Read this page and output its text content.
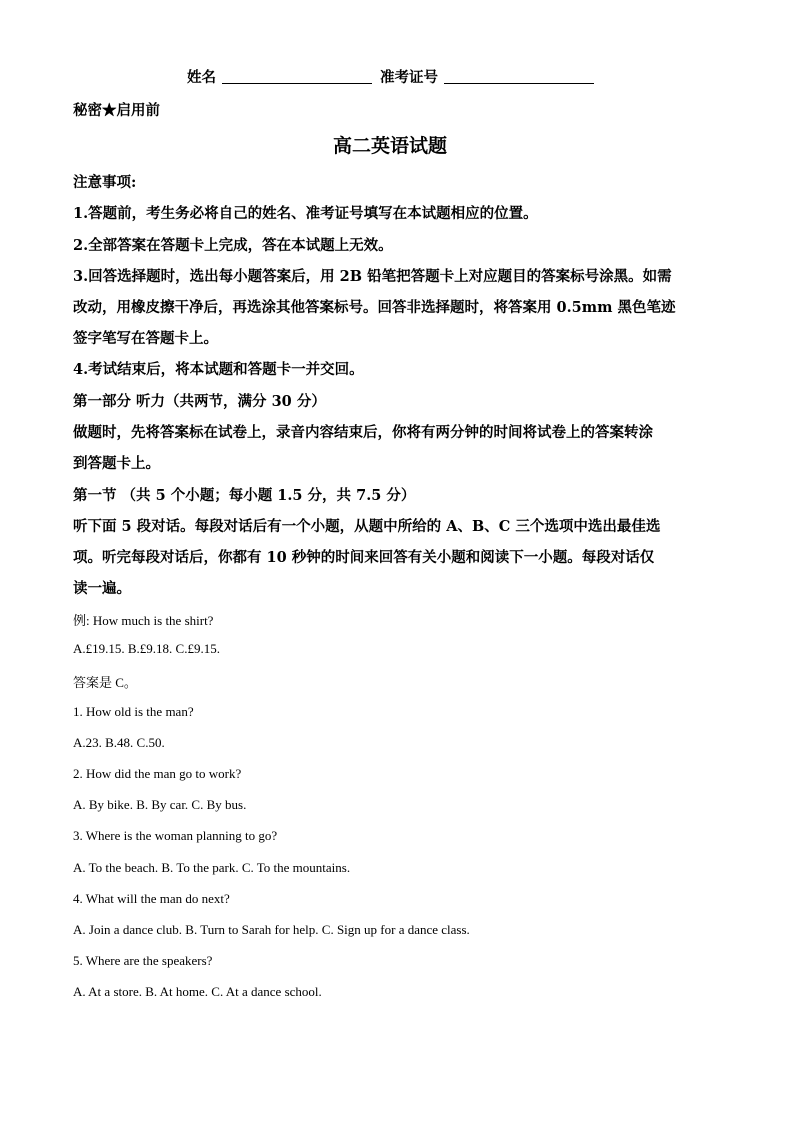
姓名	准考证号
秘密★启用前
高二英语试题
注意事项:
1.答题前，考生务必将自己的姓名、准考证号填写在本试题相应的位置。
2.全部答案在答题卡上完成，答在本试题上无效。
3.回答选择题时，选出每小题答案后，用 2B 铅笔把答题卡上对应题目的答案标号涂黑。如需
改动，用橡皮擦干净后，再选涂其他答案标号。回答非选择题时，将答案用 0.5mm 黑色笔迹
签字笔写在答题卡上。
4.考试结束后，将本试题和答题卡一并交回。
第一部分 听力（共两节，满分 30 分）
做题时，先将答案标在试卷上，录音内容结束后，你将有两分钟的时间将试卷上的答案转涂
到答题卡上。
第一节 （共 5 个小题；每小题 1.5 分，共 7.5 分）
听下面 5 段对话。每段对话后有一个小题，从题中所给的 A、B、C 三个选项中选出最佳选
项。听完每段对话后，你都有 10 秒钟的时间来回答有关小题和阅读下一小题。每段对话仅
读一遍。
例: How much is the shirt?
A.£19.15. B.£9.18. C.£9.15.
答案是 C。
1. How old is the man?
A.23. B.48. C.50.
2. How did the man go to work?
A. By bike. B. By car. C. By bus.
3. Where is the woman planning to go?
A. To the beach. B. To the park. C. To the mountains.
4. What will the man do next?
A. Join a dance club. B. Turn to Sarah for help. C. Sign up for a dance class.
5. Where are the speakers?
A. At a store. B. At home. C. At a dance school.
